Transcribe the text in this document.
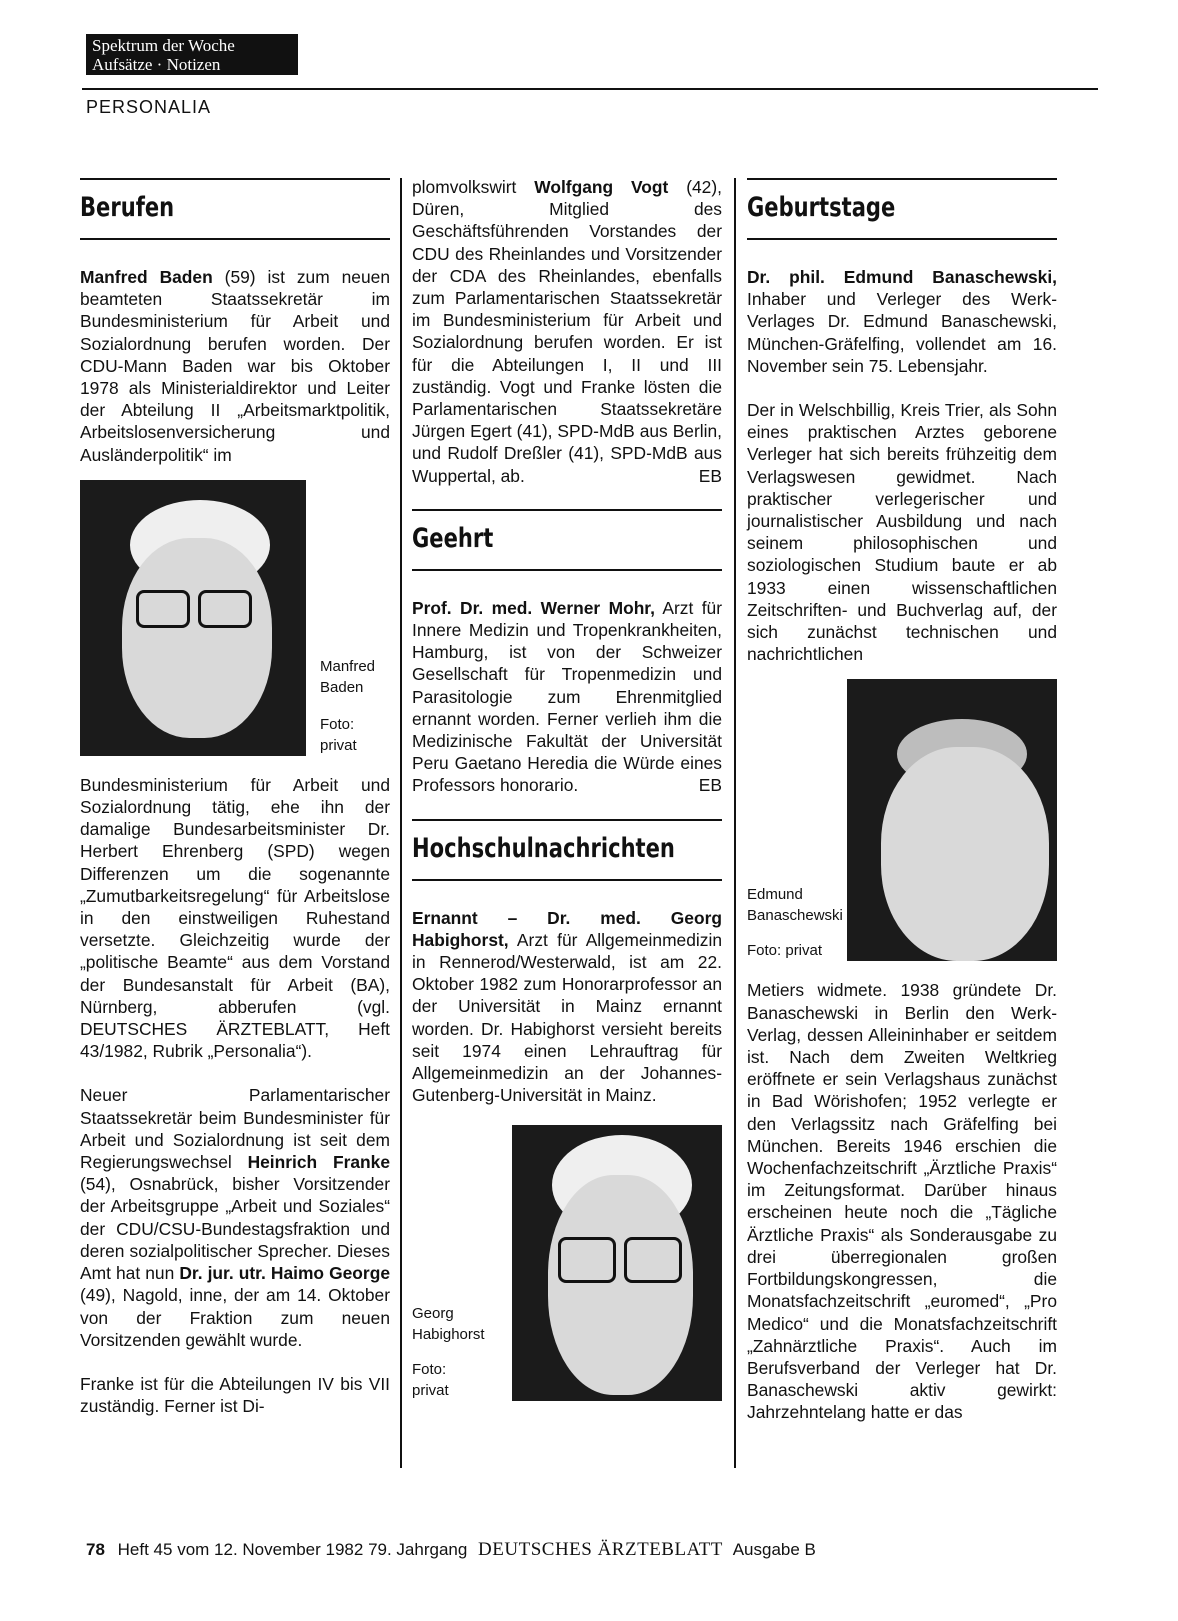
Spektrum der Woche
Aufsätze · Notizen
PERSONALIA
Berufen

Manfred Baden (59) ist zum neuen beamteten Staatssekretär im Bundesministerium für Arbeit und Sozialordnung berufen worden. Der CDU-Mann Baden war bis Oktober 1978 als Ministerialdirektor und Leiter der Abteilung II „Arbeitsmarktpolitik, Arbeitslosenversicherung und Ausländerpolitik“ im

Manfred Baden
Foto: privat

Bundesministerium für Arbeit und Sozialordnung tätig, ehe ihn der damalige Bundesarbeitsminister Dr. Herbert Ehrenberg (SPD) wegen Differenzen um die sogenannte „Zumutbarkeitsregelung“ für Arbeitslose in den einstweiligen Ruhestand versetzte. Gleichzeitig wurde der „politische Beamte“ aus dem Vorstand der Bundesanstalt für Arbeit (BA), Nürnberg, abberufen (vgl. DEUTSCHES ÄRZTEBLATT, Heft 43/1982, Rubrik „Personalia“).

Neuer Parlamentarischer Staatssekretär beim Bundesminister für Arbeit und Sozialordnung ist seit dem Regierungswechsel Heinrich Franke (54), Osnabrück, bisher Vorsitzender der Arbeitsgruppe „Arbeit und Soziales“ der CDU/CSU-Bundestagsfraktion und deren sozialpolitischer Sprecher. Dieses Amt hat nun Dr. jur. utr. Haimo George (49), Nagold, inne, der am 14. Oktober von der Fraktion zum neuen Vorsitzenden gewählt wurde.

Franke ist für die Abteilungen IV bis VII zuständig. Ferner ist Di-

plomvolkswirt Wolfgang Vogt (42), Düren, Mitglied des Geschäftsführenden Vorstandes der CDU des Rheinlandes und Vorsitzender der CDA des Rheinlandes, ebenfalls zum Parlamentarischen Staatssekretär im Bundesministerium für Arbeit und Sozialordnung berufen worden. Er ist für die Abteilungen I, II und III zuständig. Vogt und Franke lösten die Parlamentarischen Staatssekretäre Jürgen Egert (41), SPD-MdB aus Berlin, und Rudolf Dreßler (41), SPD-MdB aus Wuppertal, ab.	EB

Geehrt

Prof. Dr. med. Werner Mohr, Arzt für Innere Medizin und Tropenkrankheiten, Hamburg, ist von der Schweizer Gesellschaft für Tropenmedizin und Parasitologie zum Ehrenmitglied ernannt worden. Ferner verlieh ihm die Medizinische Fakultät der Universität Peru Gaetano Heredia die Würde eines Professors honorario.	EB

Hochschulnachrichten

Ernannt – Dr. med. Georg Habighorst, Arzt für Allgemeinmedizin in Rennerod/Westerwald, ist am 22. Oktober 1982 zum Honorarprofessor an der Universität in Mainz ernannt worden. Dr. Habighorst versieht bereits seit 1974 einen Lehrauftrag für Allgemeinmedizin an der Johannes-Gutenberg-Universität in Mainz.

Georg Habighorst
Foto: privat
Geburtstage

Dr. phil. Edmund Banaschewski, Inhaber und Verleger des Werk-Verlages Dr. Edmund Banaschewski, München-Gräfelfing, vollendet am 16. November sein 75. Lebensjahr.

Der in Welschbillig, Kreis Trier, als Sohn eines praktischen Arztes geborene Verleger hat sich bereits frühzeitig dem Verlagswesen gewidmet. Nach praktischer verlegerischer und journalistischer Ausbildung und nach seinem philosophischen und soziologischen Studium baute er ab 1933 einen wissenschaftlichen Zeitschriften- und Buchverlag auf, der sich zunächst technischen und nachrichtlichen

Edmund Banaschewski
Foto: privat

Metiers widmete. 1938 gründete Dr. Banaschewski in Berlin den Werk-Verlag, dessen Alleininhaber er seitdem ist. Nach dem Zweiten Weltkrieg eröffnete er sein Verlagshaus zunächst in Bad Wörishofen; 1952 verlegte er den Verlagssitz nach Gräfelfing bei München. Bereits 1946 erschien die Wochenfachzeitschrift „Ärztliche Praxis“ im Zeitungsformat. Darüber hinaus erscheinen heute noch die „Tägliche Ärztliche Praxis“ als Sonderausgabe zu drei überregionalen großen Fortbildungskongressen, die Monatsfachzeitschrift „euromed“, „Pro Medico“ und die Monatsfachzeitschrift „Zahnärztliche Praxis“. Auch im Berufsverband der Verleger hat Dr. Banaschewski aktiv gewirkt: Jahrzehntelang hatte er das

78 Heft 45 vom 12. November 1982 79. Jahrgang DEUTSCHES ÄRZTEBLATT Ausgabe B
